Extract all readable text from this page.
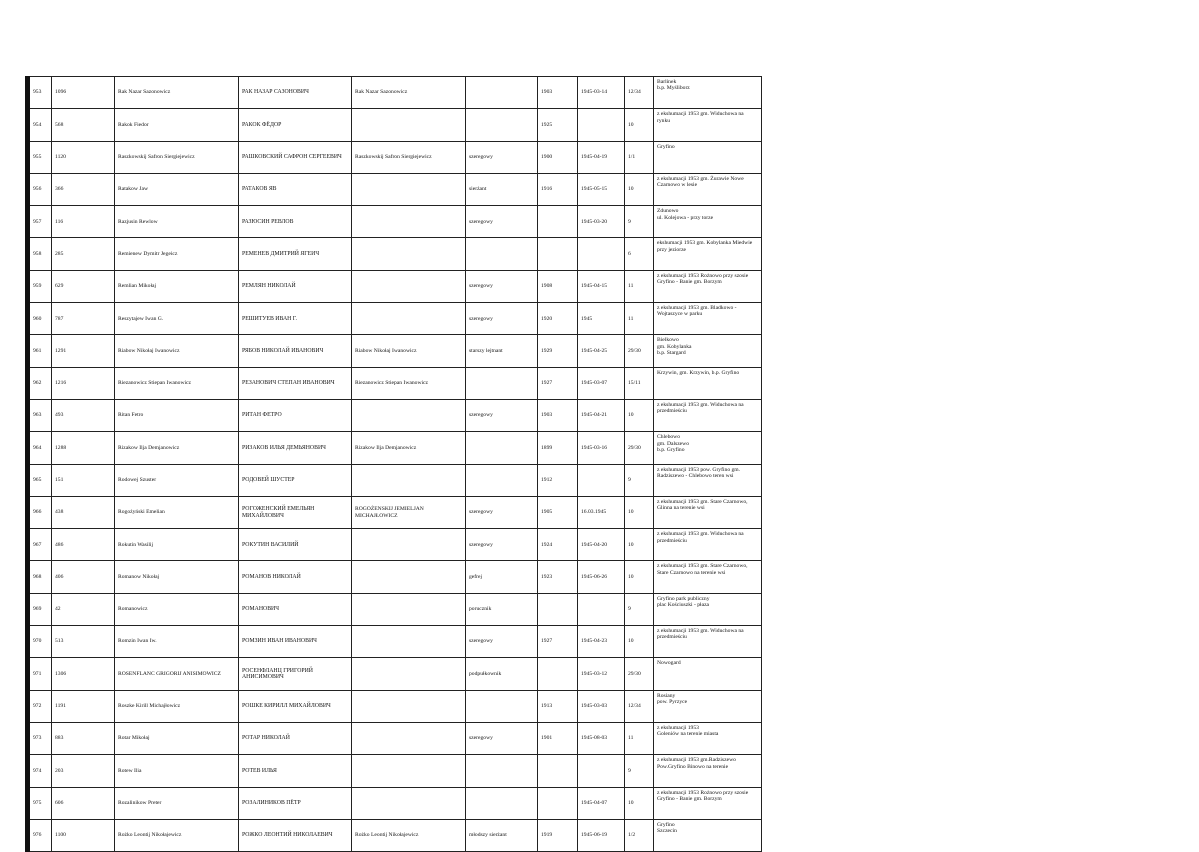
953	1096	Rak Nazar Sazonowicz	РАК НАЗАР САЗОНОВИЧ	Rak Nazar Sazonowicz		1903	1945-03-14	12/34	Barlinek
b.p. Myśliborz

954	568	Rakok Fiedor	РАКОК ФЁДОР			1925		10	z ekshumacji 1953 gm. Widuchowa na rynku

955	1120	Raszkowskij Safron Siergiejewicz	РАШКОВСКИЙ САФРОН СЕРГЕЕВИЧ	Raszkowskij Safron Siergiejewicz	szeregowy	1900	1945-04-19	1/1	Gryfino

956	366	Ratakow Jaw	РАТАКОВ ЯВ		sierżant	1916	1945-05-15	10	z ekshumacji 1953 gm. Żurawie Nowe Czarnowo w lesie

957	116	Razjusin Rewlow	РАЗЮСИН РЕВЛОВ		szeregowy		1945-03-20	9	Zdunowo
ul. Kolejowa - przy torze

958	285	Remienew Dymitr Jegeicz	РЕМЕНЕВ ДМИТРИЙ ЯГЕИЧ					6	ekshumacji 1953 gm. Kobylanka Miedwie przy jeziorze

959	629	Remlian Mikołaj	РЕМЛЯН НИКОЛАЙ		szeregowy	1908	1945-04-15	11	z ekshumacji 1953 Rożnowo przy szosie Gryfino - Banie gm. Borzym

960	787	Reszytajew Iwan G.	РЕШИТУЕВ ИВАН Г.		szeregowy	1920	1945	11	z ekshumacji 1953 gm. Bladkowo - Wojtaszyce w parku

961	1291	Riabow Nikołaj Iwanowicz	РЯБОВ НИКОЛАЙ ИВАНОВИЧ	Riabow Nikołaj Iwanowicz	starszy lejtnant	1929	1945-04-25	29/30	Bielkowo
gm. Kobylanka
b.p. Stargard

962	1216	Riezanowicz Stiepan Iwanowicz	РЕЗАНОВИЧ СТЕПАН ИВАНОВИЧ	Riezanowicz Stiepan Iwanowicz		1927	1945-03-07	15/11	Krzywin, gm. Krzywin, b.p. Gryfino

963	493	Ritan Fetro	РИТАН ФЕТРО		szeregowy	1903	1945-04-21	10	z ekshumacji 1953 gm. Widuchowa na przedmieściu

964	1288	Rizakow Ilja Demjanowicz	РИЗАКОВ ИЛЬЯ ДЕМЬЯНОВИЧ	Rizakow Ilja Demjanowicz		1899	1945-03-16	29/30	Chlebowo
gm. Dalszewo
b.p. Gryfino

965	151	Rodowej Szuster	РОДОВЕЙ ШУСТЕР			1912		9	z ekshumacji 1953 pow. Gryfino gm. Radziszewo - Chlebowo teren wsi

966	438	Rogożyński Emelian	РОГОЖЕНСКИЙ ЕМЕЛЬЯН МИХАЙЛОВИЧ	ROGOŻENSKIJ JEMIELJAN MICHAJŁOWICZ	szeregowy	1905	16.03.1945	10	z ekshumacji 1953 gm. Stare Czarnowo, Glinna na terenie wsi

967	486	Rokutin Wasilij	РОКУТИН ВАСИЛИЙ		szeregowy	1924	1945-04-20	10	z ekshumacji 1953 gm. Widuchowa na przedmieściu

968	406	Romanow Nikołaj	РОМАНОВ НИКОЛАЙ		gefrej	1923	1945-06-26	10	z ekshumacji 1953 gm. Stare Czarnowo, Stare Czarnowo na terenie wsi

969	42	Romanowicz	РОМАНОВИЧ		porucznik			9	Gryfino park publiczny
plac Kościuszki - płaza

970	513	Romzin Iwan Iw.	РОМЗИН ИВАН ИВАНОВИЧ		szeregowy	1927	1945-04-23	10	z ekshumacji 1953 gm. Widuchowa na przedmieściu

971	1306	ROSENFLANC GRIGORIJ ANISIMOWICZ	РОСЕНФЛАНЦ ГРИГОРИЙ АНИСИМОВИЧ		podpułkownik		1945-03-12	29/30	Nowogard

972	1191	Roszke Kirill Michajłowicz	РОШКЕ КИРИЛЛ МИХАЙЛОВИЧ			1913	1945-03-03	12/34	Rosiany
pow. Pyrzyce

973	883	Rotar Mikołaj	РОТАР НИКОЛАЙ		szeregowy	1901	1945-08-03	11	z ekshumacji 1953
Goleniów na terenie miasta

974	203	Rotew Ilia	РОТЕВ ИЛЬЯ					9	z ekshumacji 1953 gm.Radziszewo Pow.Gryfino Binowo na terenie

975	606	Rozalinikow Preter	РОЗАЛИНИКОВ ПЁТР				1945-04-07	10	z ekshumacji 1953 Rożnowo przy szosie Gryfino - Banie gm. Borzym

976	1100	Rożko Leontij Nikołajewicz	РОЖКО ЛЕОНТИЙ НИКОЛАЕВИЧ	Rożko Leontij Nikołajewicz	młodszy sierżant	1919	1945-06-19	1/2	Gryfino
Szczecin
